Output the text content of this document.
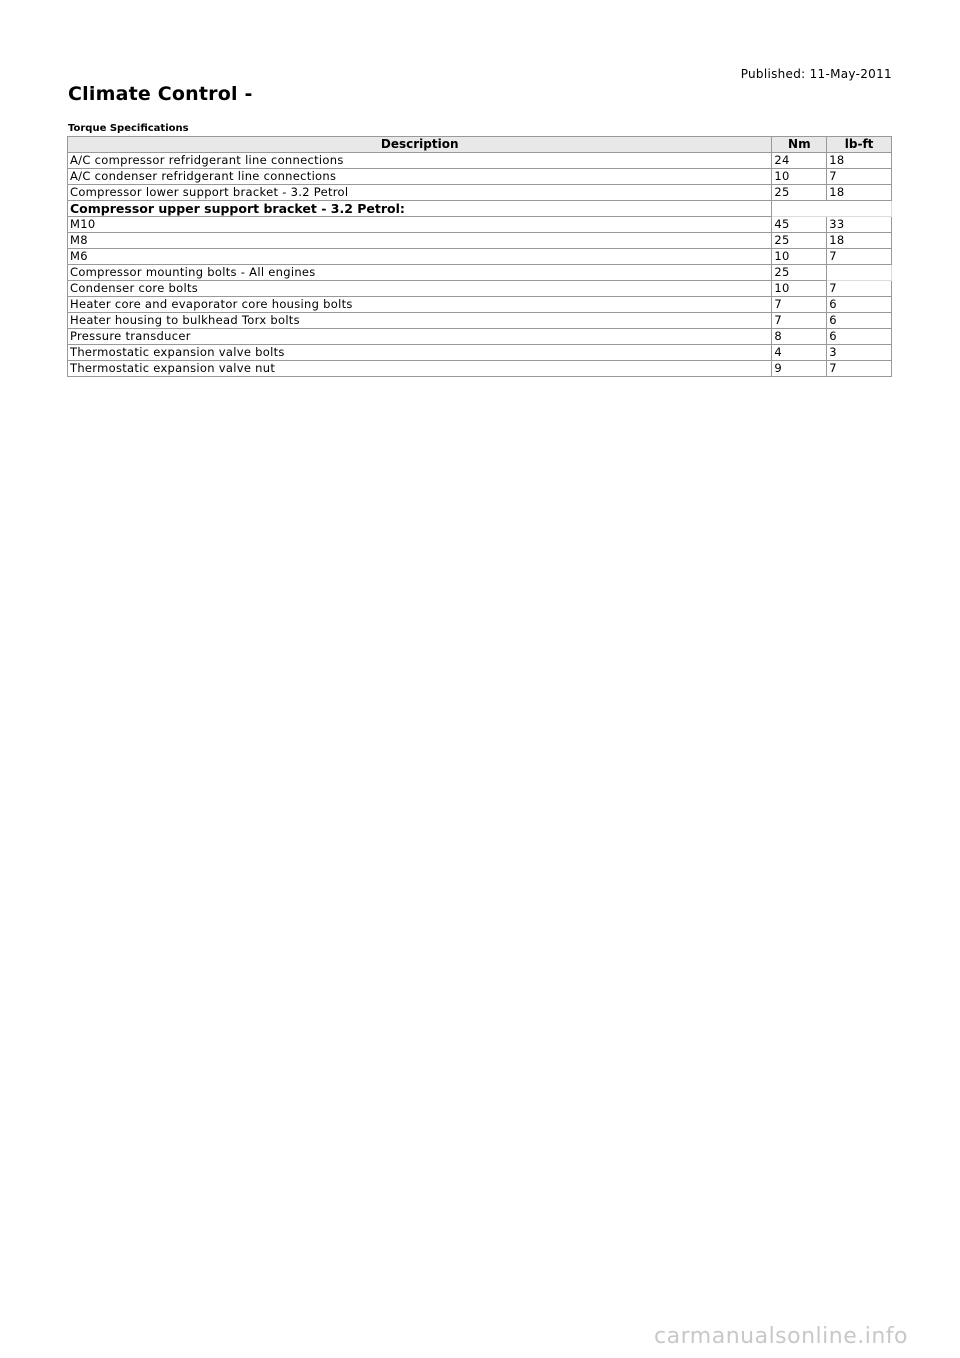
Published: 11-May-2011
Climate Control -
Torque Specifications
Description	Nm	lb-ft
A/C compressor refridgerant line connections	24	18
A/C condenser refridgerant line connections	10	7
Compressor lower support bracket - 3.2 Petrol	25	18
Compressor upper support bracket - 3.2 Petrol:		
M10	45	33
M8	25	18
M6	10	7
Compressor mounting bolts - All engines	25	
Condenser core bolts	10	7
Heater core and evaporator core housing bolts	7	6
Heater housing to bulkhead Torx bolts	7	6
Pressure transducer	8	6
Thermostatic expansion valve bolts	4	3
Thermostatic expansion valve nut	9	7
carmanualsonline.info
